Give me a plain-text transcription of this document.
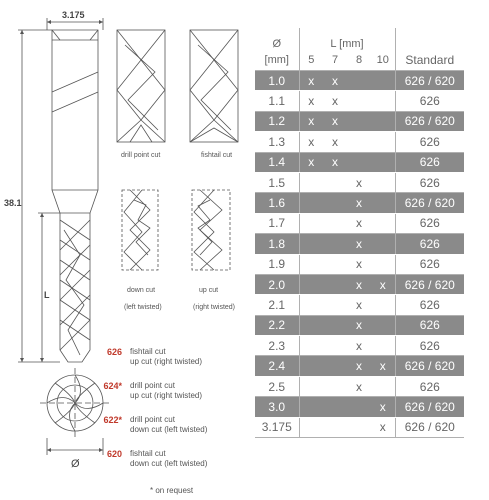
3.175
38.1
L
Ø
drill point cut	fishtail cut
down cut
(left twisted)
up cut
(right twisted)
626 fishtail cut
up cut (right twisted)
624* drill point cut
up cut (right twisted)
622* drill point cut
down cut (left twisted)
620 fishtail cut
down cut (left twisted)
* on request
Ø	L [mm]				
[mm]	5	7	8	10	Standard
1.0	x	x			626 / 620
1.1	x	x			626
1.2	x	x			626 / 620
1.3	x	x			626
1.4	x	x			626
1.5			x		626
1.6			x		626 / 620
1.7			x		626
1.8			x		626
1.9			x		626
2.0			x	x	626 / 620
2.1			x		626
2.2			x		626
2.3			x		626
2.4			x	x	626 / 620
2.5			x		626
3.0				x	626 / 620
3.175				x	626 / 620
